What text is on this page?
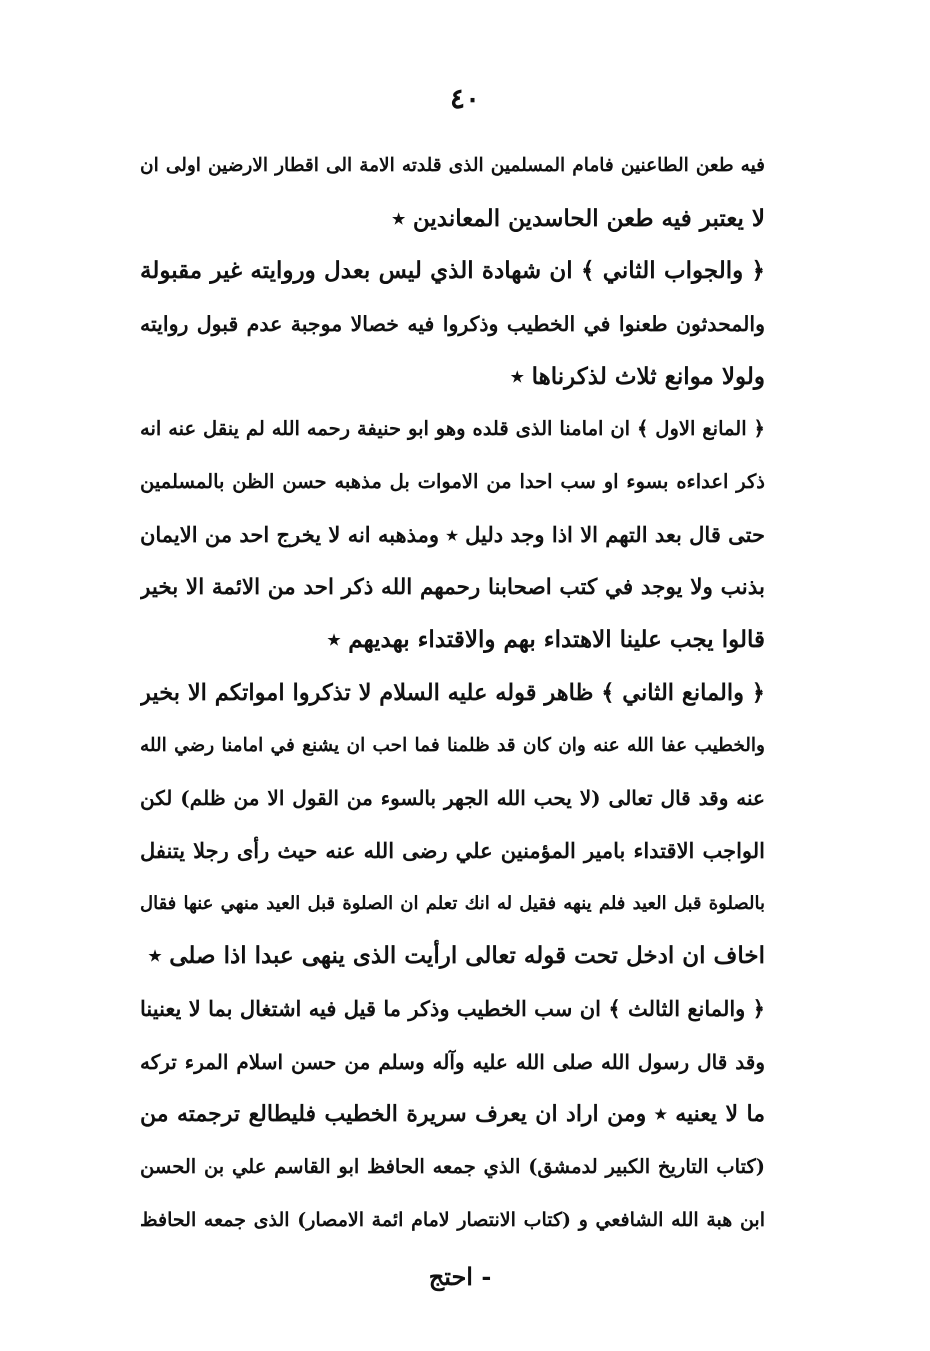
٤٠
فيه طعن الطاعنين فامام المسلمين الذى قلدته الامة الى اقطار الارضين اولى ان
لا يعتبر فيه طعن الحاسدين المعاندين ٭
﴿ والجواب الثاني ﴾ ان شهادة الذي ليس بعدل وروايته غير مقبولة
والمحدثون طعنوا في الخطيب وذكروا فيه خصالا موجبة عدم قبول روايته
ولولا موانع ثلاث لذكرناها ٭
﴿ المانع الاول ﴾ ان امامنا الذى قلده وهو ابو حنيفة رحمه الله لم ينقل عنه انه
ذكر اعداءه بسوء او سب احدا من الاموات بل مذهبه حسن الظن بالمسلمين
حتى قال بعد التهم الا اذا وجد دليل ٭ ومذهبه انه لا يخرج احد من الايمان
بذنب ولا يوجد في كتب اصحابنا رحمهم الله ذكر احد من الائمة الا بخير
قالوا يجب علينا الاهتداء بهم والاقتداء بهديهم ٭
﴿ والمانع الثاني ﴾ ظاهر قوله عليه السلام لا تذكروا امواتكم الا بخير
والخطيب عفا الله عنه وان كان قد ظلمنا فما احب ان يشنع في امامنا رضي الله
عنه وقد قال تعالى (لا يحب الله الجهر بالسوء من القول الا من ظلم) لكن
الواجب الاقتداء بامير المؤمنين علي رضى الله عنه حيث رأى رجلا يتنفل
بالصلوة قبل العيد فلم ينهه فقيل له انك تعلم ان الصلوة قبل العيد منهي عنها فقال
اخاف ان ادخل تحت قوله تعالى ارأيت الذى ينهى عبدا اذا صلى ٭
﴿ والمانع الثالث ﴾ ان سب الخطيب وذكر ما قيل فيه اشتغال بما لا يعنينا
وقد قال رسول الله صلى الله عليه وآله وسلم من حسن اسلام المرء تركه
ما لا يعنيه ٭ ومن اراد ان يعرف سريرة الخطيب فليطالع ترجمته من
(كتاب التاريخ الكبير لدمشق) الذي جمعه الحافظ ابو القاسم علي بن الحسن
ابن هبة الله الشافعي و (كتاب الانتصار لامام ائمة الامصار) الذى جمعه الحافظ
- احتج
